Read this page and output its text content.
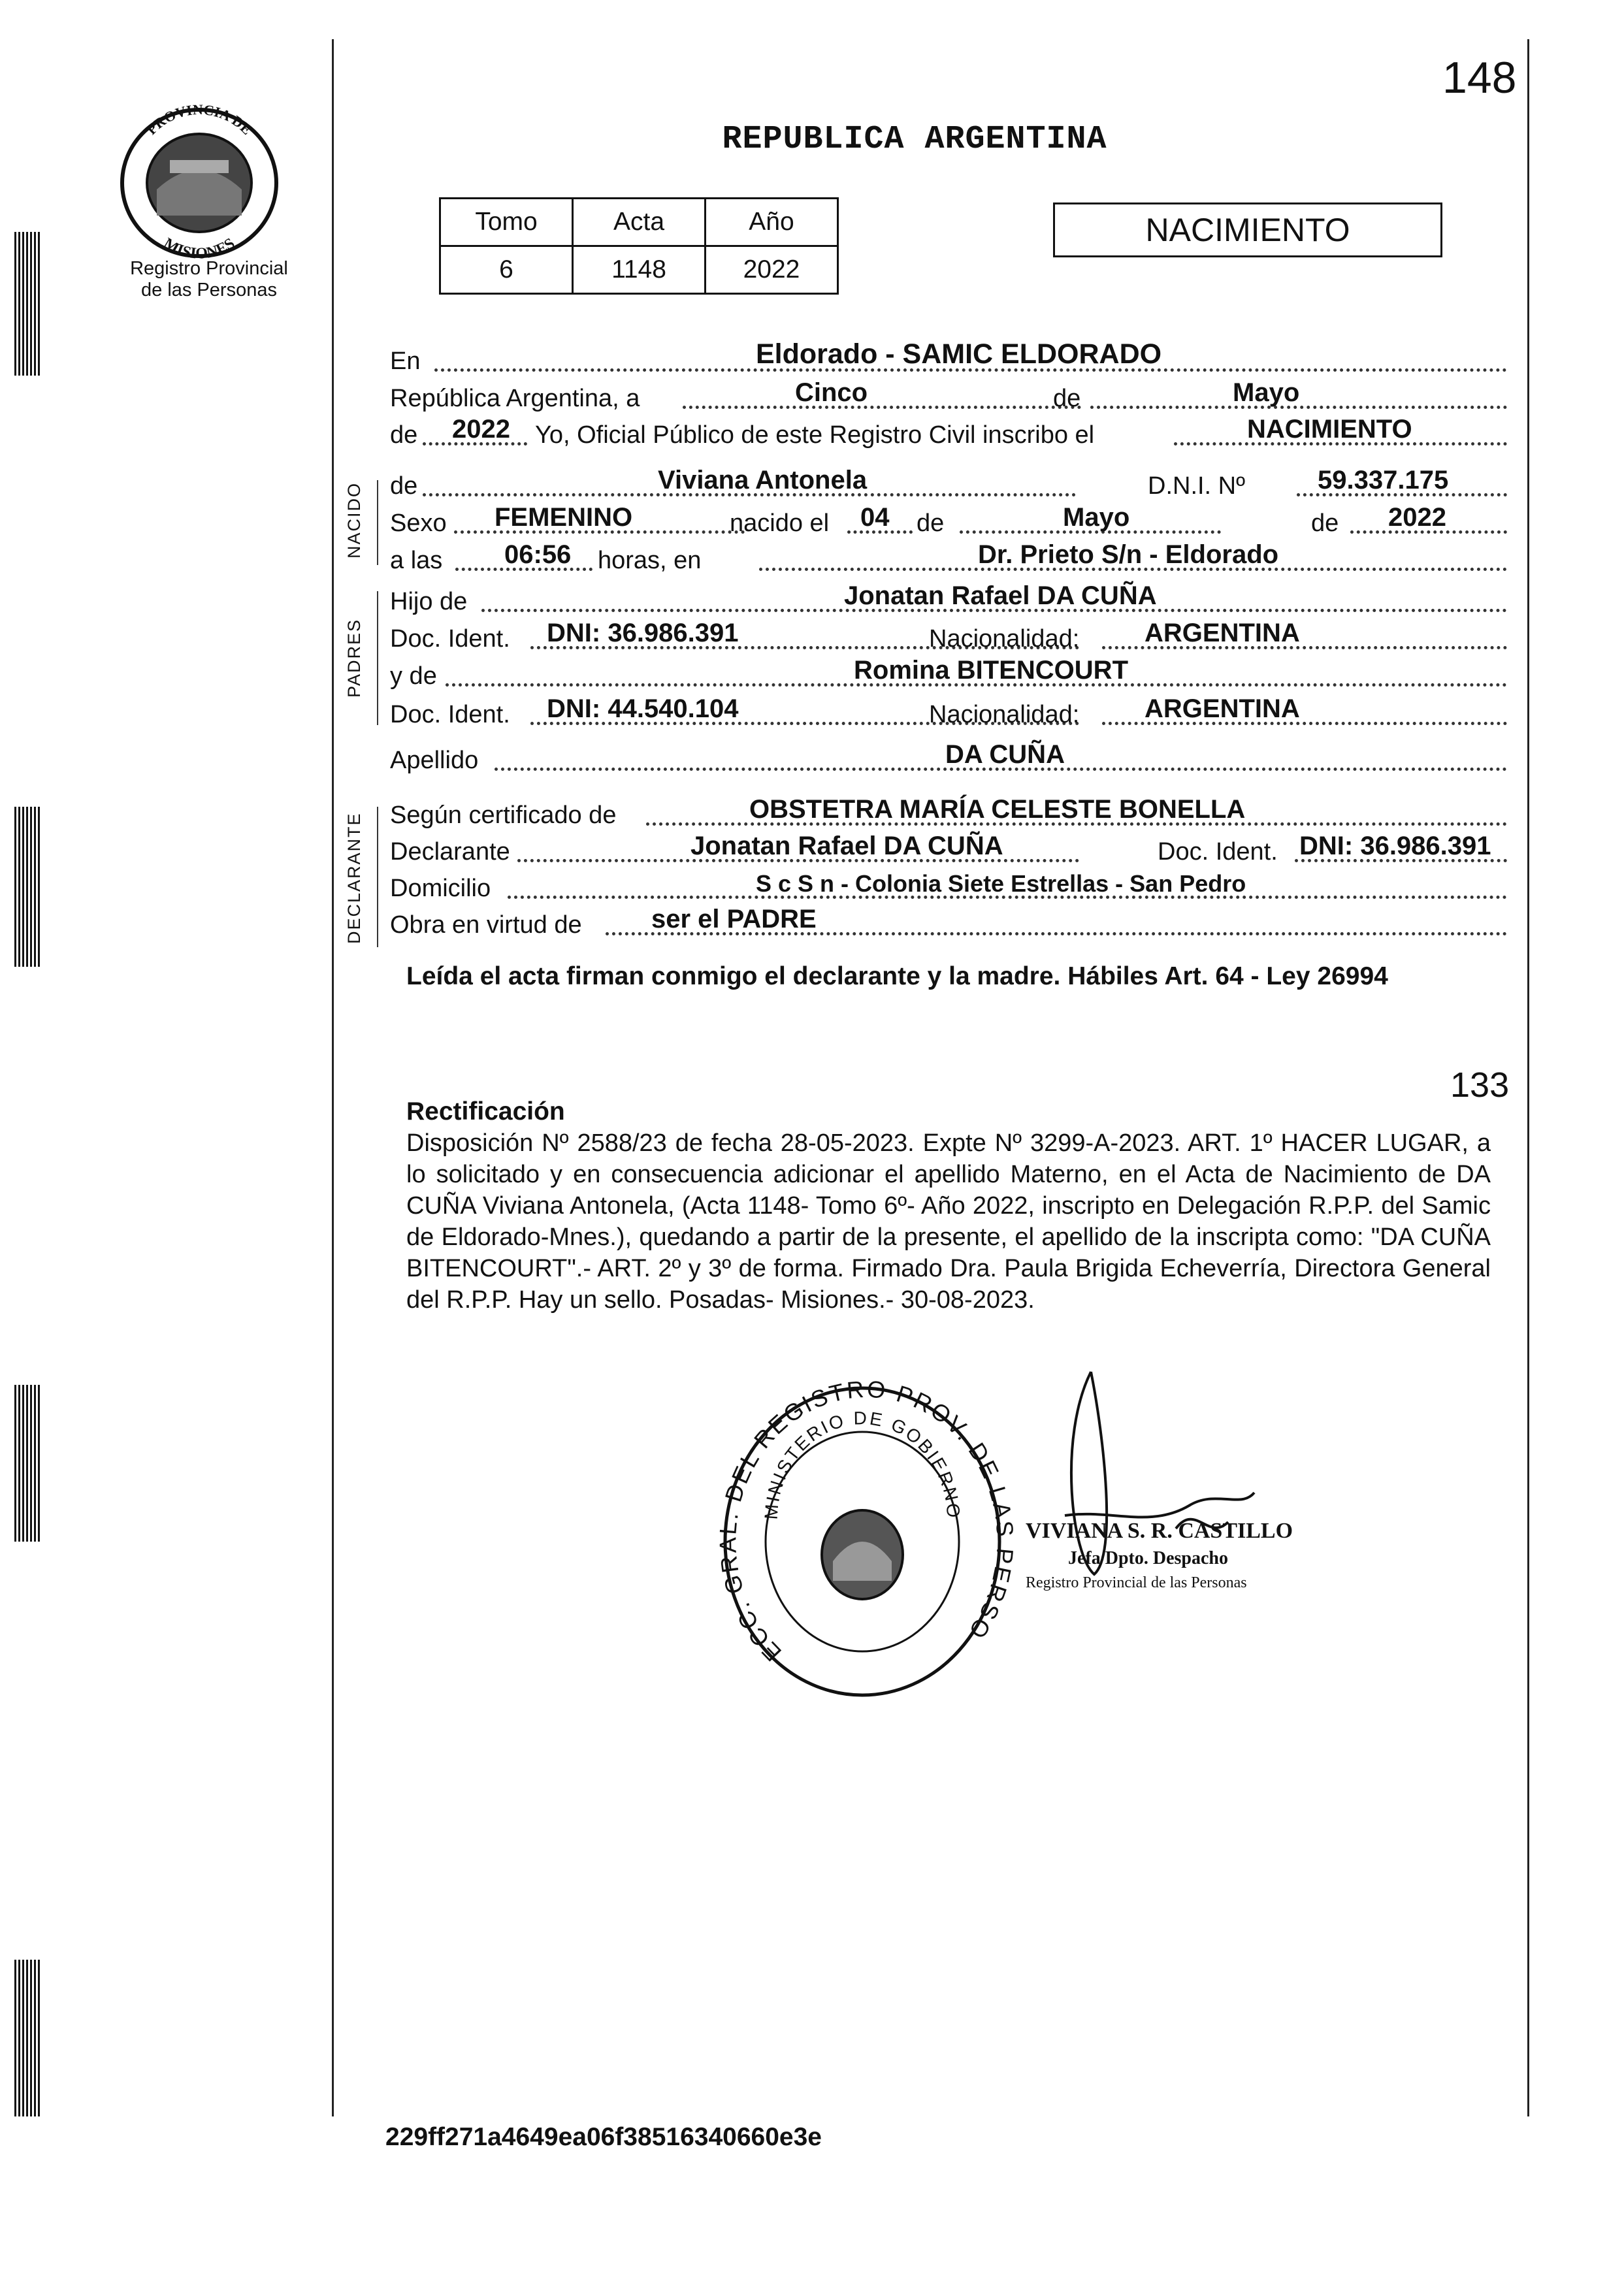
148
PROVINCIA DE
MISIONES
Registro Provincial
de las Personas
REPUBLICA ARGENTINA
Tomo	Acta	Año
6	1148	2022
NACIMIENTO
En	Eldorado - SAMIC ELDORADO
República Argentina, a	Cinco	de	Mayo
de 2022 Yo, Oficial Público de este Registro Civil inscribo el	NACIMIENTO
NACIDO
PADRES
DECLARANTE
de	Viviana Antonela	D.N.I. Nº	59.337.175
Sexo FEMENINO	nacido el 04 de	Mayo	de 2022
a las 06:56 horas, en	Dr. Prieto S/n - Eldorado
Hijo de	Jonatan Rafael DA CUÑA
Doc. Ident. DNI: 36.986.391	Nacionalidad: ARGENTINA
y de	Romina BITENCOURT
Doc. Ident. DNI: 44.540.104	Nacionalidad: ARGENTINA
Apellido	DA CUÑA
Según certificado de	OBSTETRA MARÍA CELESTE BONELLA
Declarante	Jonatan Rafael DA CUÑA	Doc. Ident. DNI: 36.986.391
Domicilio	S c S n - Colonia Siete Estrellas - San Pedro
Obra en virtud de	ser el PADRE
Leída el acta firman conmigo el declarante y la madre. Hábiles Art. 64 - Ley 26994
133
Rectificación
Disposición Nº 2588/23 de fecha 28-05-2023. Expte Nº 3299-A-2023. ART. 1º HACER LUGAR, a lo solicitado y en consecuencia adicionar el apellido Materno, en el Acta de Nacimiento de DA CUÑA Viviana Antonela, (Acta 1148- Tomo 6º- Año 2022, inscripto en Delegación R.P.P. del Samic de Eldorado-Mnes.), quedando a partir de la presente, el apellido de la inscripta como: "DA CUÑA BITENCOURT".- ART. 2º y 3º de forma. Firmado Dra. Paula Brigida Echeverría, Directora General del R.P.P. Hay un sello. Posadas- Misiones.- 30-08-2023.
ECC. GRAL. DEL REGISTRO PROV. DE LAS PERSO
MINISTERIO DE GOBIERNO
VIVIANA S. R. CASTILLO
Jefa Dpto. Despacho
Registro Provincial de las Personas
229ff271a4649ea06f38516340660e3e
